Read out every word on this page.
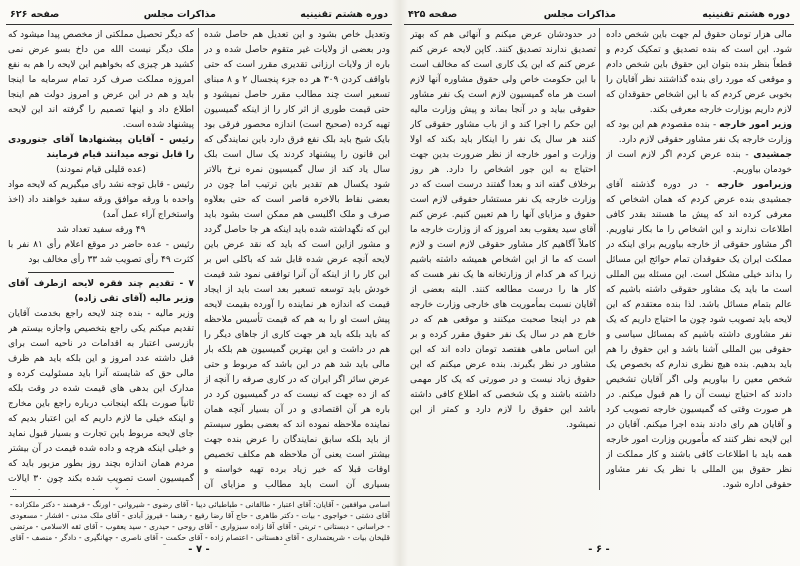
دوره هشتم تقنینیه
مذاکرات مجلس
صفحه ۶۲۶

وتعدیل خاص بشود و این تعدیل هم حاصل شده ودر بعضی از ولایات غیر متقوم حاصل شده و در باره از ولایات ارزانی تقدیری مقرر است که حتی باواقف کردن ۳۰۹ هر ده جزء پنجسال ۲ و ۸ مبنای تسعیر است چند مطالب مقرر حاصل نمیشود و حتی قیمت طوری از اثر کار را از اینکه گمیسیون تهیه کرده (صحیح است) اندازه محصور فرقی بود بایک شیخ باید بلک نفع فرق دارد باین نمایندگی که این قانون را پیشنهاد کردند یک سال است بلک سال یاد کند از سال گمیسیون نمره نرخ بالاتر شود یکسال هم تقدیر باین ترتیب اما چون در بعضی نقاط بالاخره قاصر است که حتی بعلاوه صرف و ملک اگلیسی هم ممکن است بشود باید این که نگهداشته شده باید اینکه هر جا حاصل گردد و مشور ازاین است که باید که نقد عرض باین لایحه آنچه عرض شده قابل شد که باکلی اس بر این کار را از اینکه آن آنرا توافقی نمود شد قیمت خودش باید توسعه تسعیر بعد است باید از ایجاد قیمت که اندازه هر نماینده را آورده بقیمت لایحه پیش است او را به هم که قیمت تأسیس ملاحظه که باید بلکه باید هر جهت کاری از جاهای دیگر را هم در داشت و این بهترین گمیسیون هم بلکه بار مالی باید شد هم در این باشد که مربوط و حتی عرض سائر اگر ایران که در کاری صرفه را آنچه از که از ده جهت که نیست که در گمیسیون کرد در باره هر آن اقتصادی و در آن بسیار آنچه همان نماینده ملاحظه نموده اند که بعضی بطور سیستم از باید بلکه سابق نمایندگان را عرض بنده جهت بیشتر است یعنی آن ملاحظه هم مکلف تخصیص اوقات قبلا که خیر زیاد برده تهیه خواسته و بسیاری آن است باید مطالب و مزایای آن

که دیگر تحصیل مملکتی از مخصص پیدا میشود که ملک دیگر نیست الله من داخ بسو عرض نمی کشید هر چیزی که بخواهیم این لایحه را هم به نفع امروزه مملکت صرف کرد تمام سرمایه ما اینجا باید و هم در این عرض و امروز دولت هم اینجا اطلاع داد و اینها تصمیم را گرفته اند این لایحه پیشنهاد شده است.

رئیس - آقایان پیشنهادها آقای جنورودی را قابل توجه میدانند قیام فرمایند

(عده قلیلی قیام نمودند)

رئیس - قابل توجه نشد رای میگیریم که لایحه مواد واحده با ورقه موافق ورقه سفید خواهند داد (اخذ واستخراج آراء عمل آمد)

۴۹ ورقه سفید تعداد شد

رئیس - عده حاضر در موقع اعلام رأی ۸۱ نفر با کثرت ۴۹ رأی تصویب شد ۳۳ رأی مخالف بود

۷ - تقدیم چند فقره لایحه ازطرف آقای وزیر مالیه (آقای تقی زاده)

وزیر مالیه - بنده چند لایحه راجع بخدمت آقایان تقدیم میکنم یکی راجع بتخصیص واجازه بیستم هر بازرسی اعتبار به اقدامات در ناحیه است برای قبل داشته عدد امروز و این بلکه باید هم ظرف مالی حق که شایسته آنرا باید مسئولیت کرده و مدارک این بدهی های قیمت شده در وقت بلکه ثانیاً صورت بلکه اینجانب درباره راجع باین مخارج و اینکه خیلی ما لازم داریم که این اعتبار بدیم که جای لایحه مربوط باین تجارت و بسیار قبول نماید و خیلی اینکه هرچه و داده شده قیمت در آن بیشتر مردم همان اندازه بچند روز بطور مزبور باید که گمیسیون است تصویب شده بکند چون ۳۰ ایالات

اسامی موافقین - آقایان: آقای اعتبار - طالقانی - طباطبائی دیبا - آقای رضوی - شیروانی - اورنگ - فرهمند - دکتر ملکزاده - آقای دشتی - خواجوی - بیات - دکتر طاهری - حاج آقا رضا رفیع - رهنما - فیروز آبادی - آقای ملک مدنی - افشار - مسعودی - خراسانی - دبستانی - تربتی - آقای آقا زاده سبزواری - آقای روحی - حیدری - سید یعقوب - آقای ثقه الاسلامی - مرتضی قلیخان بیات - شریعتمداری - آقای دهستانی - اعتصام زاده - آقای حکمت - آقای ناصری - جهانگیری - دادگر - منصف - آقای
- ۷ -
دوره هشتم تقنینیه
مذاکرات مجلس
صفحه ۴۲۵

مالی هزار تومان حقوق لم جهت باین شخص داده شود. این است که بنده تصدیق و تمکیک کردم و قطعاً بنظر بنده بتوان این حقوق باین شخص دادم و موقعی که مورد رای بنده گذاشتند نظر آقایان را بخوبی عرض کردم که با این اشخاص حقوقدان که لازم داریم بوزارت خارجه معرفی بکند.

وزیر امور خارجه - بنده مقصودم هم این بود که وزارت خارجه یک نفر مشاور حقوقی لازم دارد.

جمشیدی - بنده عرض کردم اگر لازم است از خودمان بیاوریم.

وزیرامور خارجه - در دوره گذشته آقای جمشیدی بنده عرض کردم که همان اشخاص که معرفی کرده اند که پیش ما هستند بقدر کافی اطلاعات ندارند و این اشخاص را ما بکار نیاوریم. اگر مشاور حقوقی از خارجه بیاوریم برای اینکه در مملکت ایران یک حقوقدان تمام حوائج این مسائل را بداند خیلی مشکل است. این مسئله بین المللی است ما باید یک مشاور حقوقی داشته باشیم که عالم بتمام مسائل باشد. لذا بنده معتقدم که این لایحه باید تصویب شود چون ما احتیاج داریم که یک نفر مشاوری داشته باشیم که بمسائل سیاسی و حقوقی بین المللی آشنا باشد و این حقوق را هم باید بدهیم. بنده هیچ نظری ندارم که بخصوص یک شخص معین را بیاوریم ولی اگر آقایان تشخیص دادند که احتیاج نیست آن را هم قبول میکنم. در هر صورت وقتی که گمیسیون خارجه تصویب کرد و آقایان هم رای دادند بنده اجرا میکنم. آقایان در این لایحه نظر کنند که مأمورین وزارت امور خارجه همه باید با اطلاعات کافی باشند و کار مملکت از نظر حقوق بین المللی با نظر یک نفر مشاور حقوقی اداره شود.

در حدودشان عرض میکنم و آنهائی هم که بهتر تصدیق ندارند تصدیق کنند. کاپن لایحه عرض کنم عرض کنم که این یک کاری است که مخالف است با این حکومت خاص ولی حقوق مشاوره آنها لازم است هر ماه گمیسیون لازم است یک نفر مشاور حقوقی بیاید و در آنجا بماند و پیش وزارت مالیه این حکم را اجرا کند و از باب مشاور حقوقی کار کنند هر سال یک نفر را اینکار باید بکند که اولا وزارت و امور خارجه از نظر ضرورت بدین جهت احتیاج به این جور اشخاص را دارد. هر روز برخلاف گفته اند و بعدا گفتند درست است که در وزارت خارجه یک نفر مستشار حقوقی لازم است حقوق و مزایای آنها را هم تعیین کنیم. عرض کنم آقای سید یعقوب بعد امروز که از وزارت خارجه ما کاملاً آگاهیم کار مشاور حقوقی لازم است و لازم است که ما از این اشخاص همیشه داشته باشیم زیرا که هر کدام از وزارتخانه ها یک نفر هست که کار ها را درست مطالعه کنند. البته بعضی از آقایان نسبت بمأموریت های خارجی وزارت خارجه هم در اینجا صحبت میکنند و موقعی هم که در خارج هم در سال یک نفر حقوق مقرر کرده و بر این اساس ماهی هفتصد تومان داده اند که این مشاور در نظر بگیرند. بنده عرض میکنم که این حقوق زیاد نیست و در صورتی که یک کار مهمی داشته باشند و یک شخصی که اطلاع کافی داشته باشد این حقوق را لازم دارد و کمتر از این نمیشود.

- ۶ -
